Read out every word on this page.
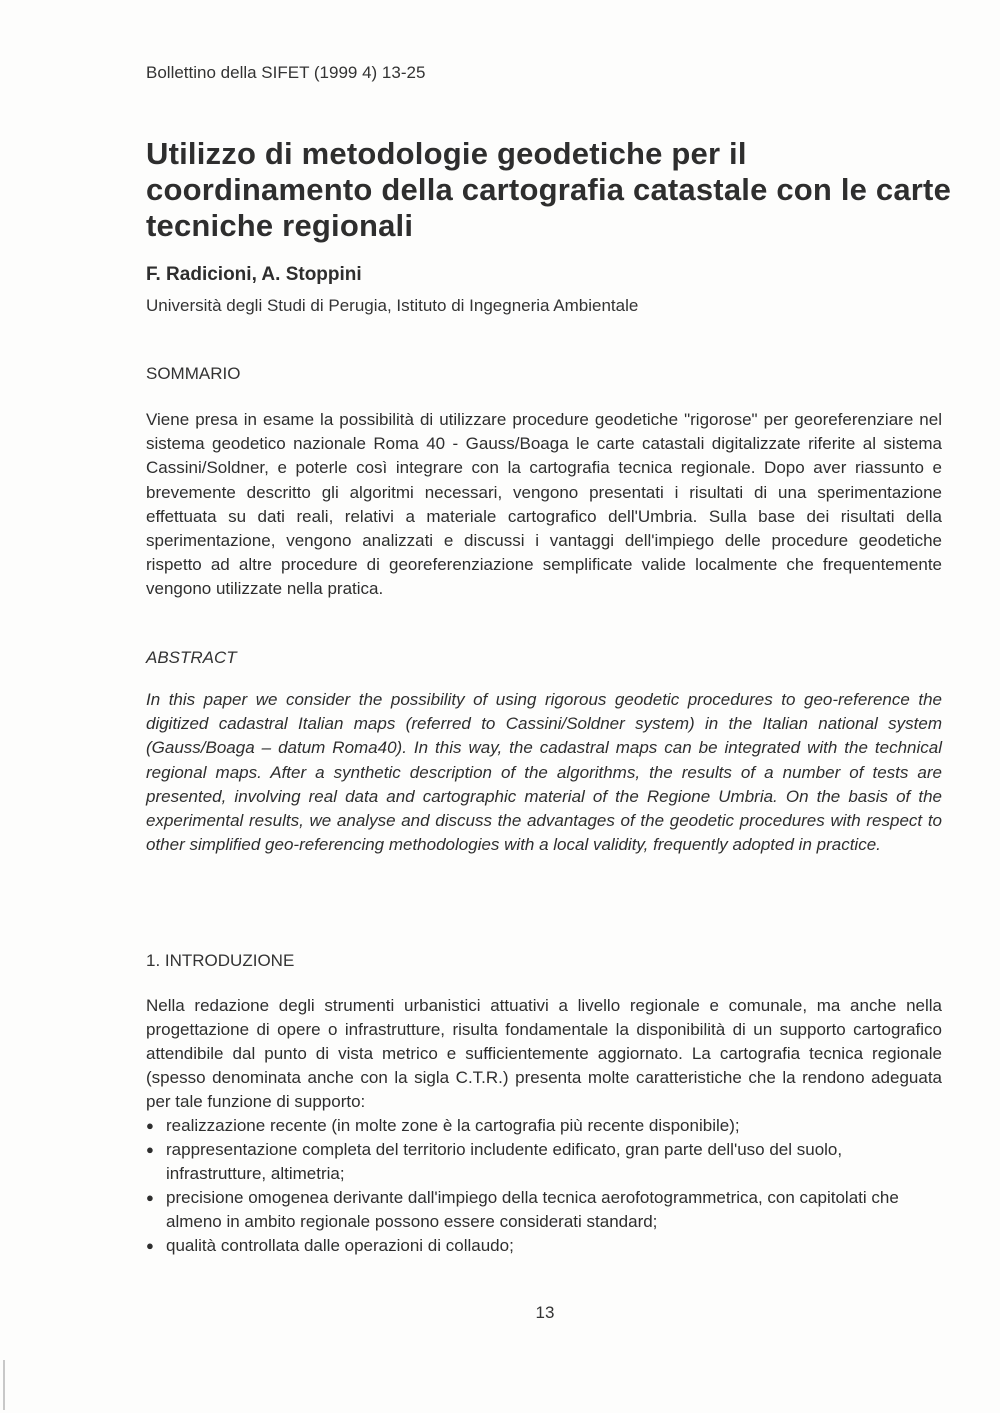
Bollettino della SIFET (1999 4) 13-25
Utilizzo di metodologie geodetiche per il coordinamento della cartografia catastale con le carte tecniche regionali
F. Radicioni, A. Stoppini
Università degli Studi di Perugia, Istituto di Ingegneria Ambientale
SOMMARIO

Viene presa in esame la possibilità di utilizzare procedure geodetiche "rigorose" per georeferenziare nel sistema geodetico nazionale Roma 40 - Gauss/Boaga le carte catastali digitalizzate riferite al sistema Cassini/Soldner, e poterle così integrare con la cartografia tecnica regionale. Dopo aver riassunto e brevemente descritto gli algoritmi necessari, vengono presentati i risultati di una sperimentazione effettuata su dati reali, relativi a materiale cartografico dell'Umbria. Sulla base dei risultati della sperimentazione, vengono analizzati e discussi i vantaggi dell'impiego delle procedure geodetiche rispetto ad altre procedure di georeferenziazione semplificate valide localmente che frequentemente vengono utilizzate nella pratica.

ABSTRACT

In this paper we consider the possibility of using rigorous geodetic procedures to geo-reference the digitized cadastral Italian maps (referred to Cassini/Soldner system) in the Italian national system (Gauss/Boaga – datum Roma40). In this way, the cadastral maps can be integrated with the technical regional maps. After a synthetic description of the algorithms, the results of a number of tests are presented, involving real data and cartographic material of the Regione Umbria. On the basis of the experimental results, we analyse and discuss the advantages of the geodetic procedures with respect to other simplified geo-referencing methodologies with a local validity, frequently adopted in practice.

1. INTRODUZIONE

Nella redazione degli strumenti urbanistici attuativi a livello regionale e comunale, ma anche nella progettazione di opere o infrastrutture, risulta fondamentale la disponibilità di un supporto cartografico attendibile dal punto di vista metrico e sufficientemente aggiornato. La cartografia tecnica regionale (spesso denominata anche con la sigla C.T.R.) presenta molte caratteristiche che la rendono adeguata per tale funzione di supporto:

● realizzazione recente (in molte zone è la cartografia più recente disponibile);
● rappresentazione completa del territorio includente edificato, gran parte dell'uso del suolo, infrastrutture, altimetria;
● precisione omogenea derivante dall'impiego della tecnica aerofotogrammetrica, con capitolati che almeno in ambito regionale possono essere considerati standard;
● qualità controllata dalle operazioni di collaudo;
13
